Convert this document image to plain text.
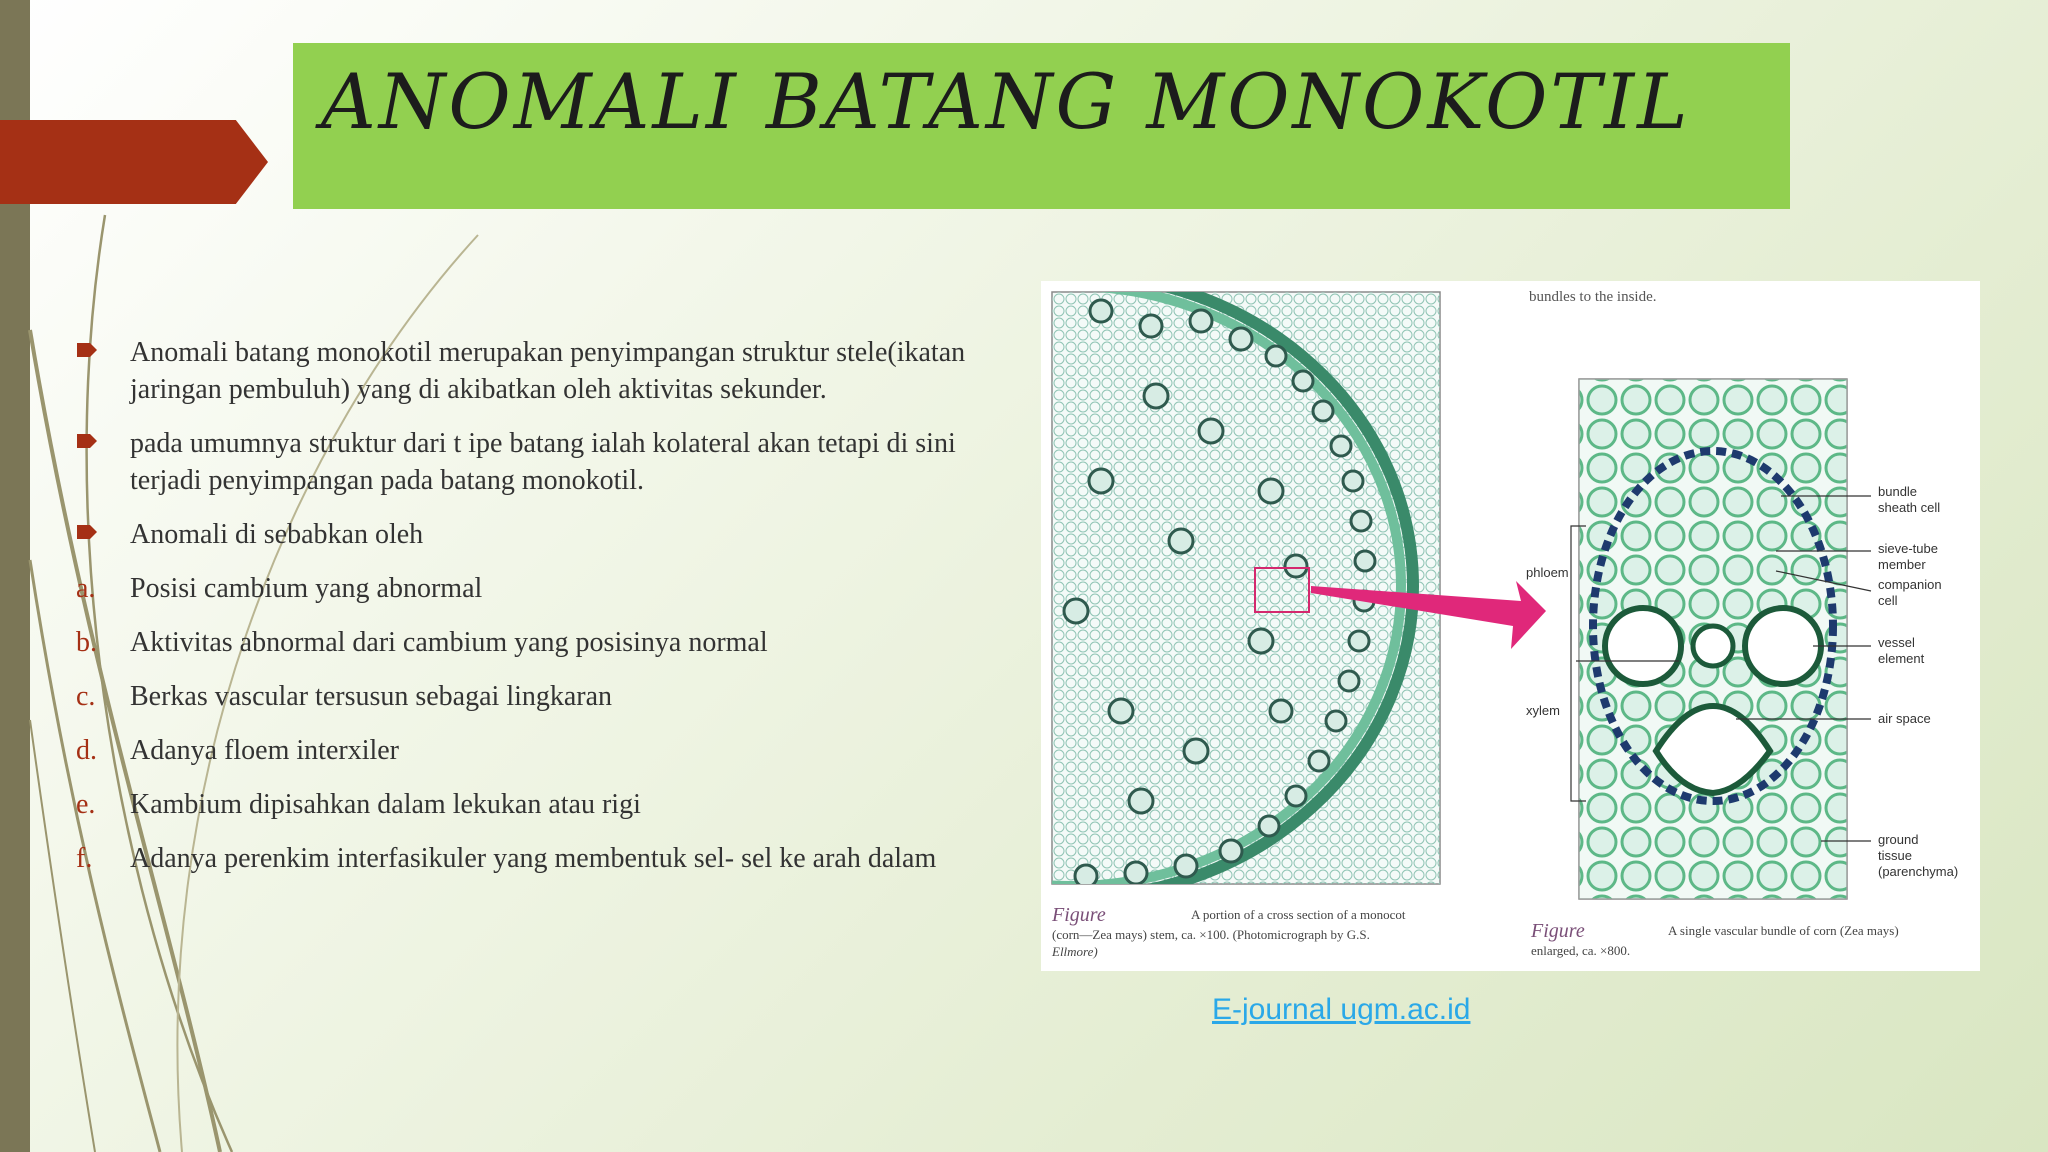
ANOMALI BATANG MONOKOTIL
Anomali batang monokotil merupakan penyimpangan struktur stele(ikatan jaringan pembuluh) yang di akibatkan oleh aktivitas sekunder.
pada umumnya struktur dari t ipe batang ialah kolateral akan tetapi di sini terjadi penyimpangan pada batang monokotil.
Anomali di sebabkan oleh
a. Posisi cambium yang abnormal
b. Aktivitas abnormal dari cambium yang posisinya normal
c. Berkas vascular tersusun sebagai lingkaran
d. Adanya floem interxiler
e. Kambium dipisahkan dalam lekukan atau rigi
f. Adanya perenkim interfasikuler yang membentuk sel- sel ke arah dalam
bundles to the inside.
bundle
sheath cell
sieve-tube
member
companion
cell
vessel
element
air space
ground
tissue
(parenchyma)
phloem
xylem
Figure	A portion of a cross section of a monocot
(corn—Zea mays) stem, ca. ×100. (Photomicrograph by G.S.
Ellmore)
Figure	A single vascular bundle of corn (Zea mays)
enlarged, ca. ×800.
E-journal ugm.ac.id
